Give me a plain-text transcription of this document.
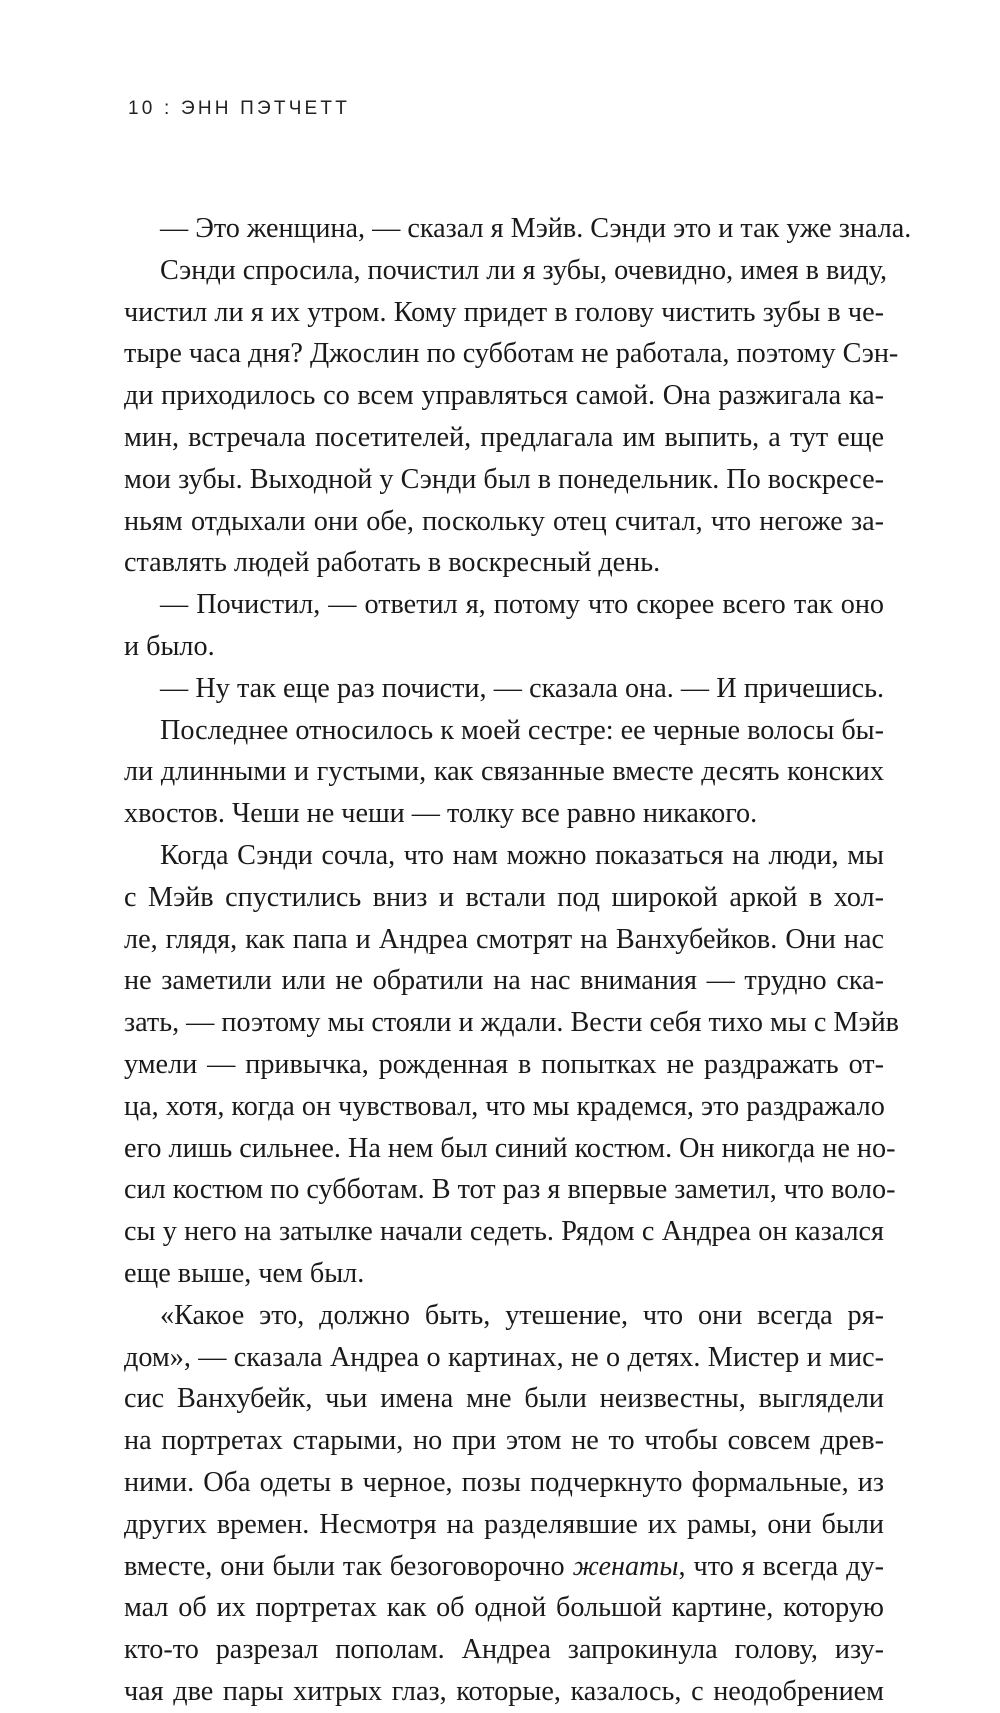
10 : ЭНН ПЭТЧЕТТ
— Это женщина, — сказал я Мэйв. Сэнди это и так уже знала.
Сэнди спросила, почистил ли я зубы, очевидно, имея в виду,
чистил ли я их утром. Кому придет в голову чистить зубы в че-
тыре часа дня? Джослин по субботам не работала, поэтому Сэн-
ди приходилось со всем управляться самой. Она разжигала ка-
мин, встречала посетителей, предлагала им выпить, а тут еще
мои зубы. Выходной у Сэнди был в понедельник. По воскресе-
ньям отдыхали они обе, поскольку отец считал, что негоже за-
ставлять людей работать в воскресный день.
— Почистил, — ответил я, потому что скорее всего так оно
и было.
— Ну так еще раз почисти, — сказала она. — И причешись.
Последнее относилось к моей сестре: ее черные волосы бы-
ли длинными и густыми, как связанные вместе десять конских
хвостов. Чеши не чеши — толку все равно никакого.
Когда Сэнди сочла, что нам можно показаться на люди, мы
с Мэйв спустились вниз и встали под широкой аркой в хол-
ле, глядя, как папа и Андреа смотрят на Ванхубейков. Они нас
не заметили или не обратили на нас внимания — трудно ска-
зать, — поэтому мы стояли и ждали. Вести себя тихо мы с Мэйв
умели — привычка, рожденная в попытках не раздражать от-
ца, хотя, когда он чувствовал, что мы крадемся, это раздражало
его лишь сильнее. На нем был синий костюм. Он никогда не но-
сил костюм по субботам. В тот раз я впервые заметил, что воло-
сы у него на затылке начали седеть. Рядом с Андреа он казался
еще выше, чем был.
«Какое это, должно быть, утешение, что они всегда ря-
дом», — сказала Андреа о картинах, не о детях. Мистер и мис-
сис Ванхубейк, чьи имена мне были неизвестны, выглядели
на портретах старыми, но при этом не то чтобы совсем древ-
ними. Оба одеты в черное, позы подчеркнуто формальные, из
других времен. Несмотря на разделявшие их рамы, они были
вместе, они были так безоговорочно женаты, что я всегда ду-
мал об их портретах как об одной большой картине, которую
кто-то разрезал пополам. Андреа запрокинула голову, изу-
чая две пары хитрых глаз, которые, казалось, с неодобрением
